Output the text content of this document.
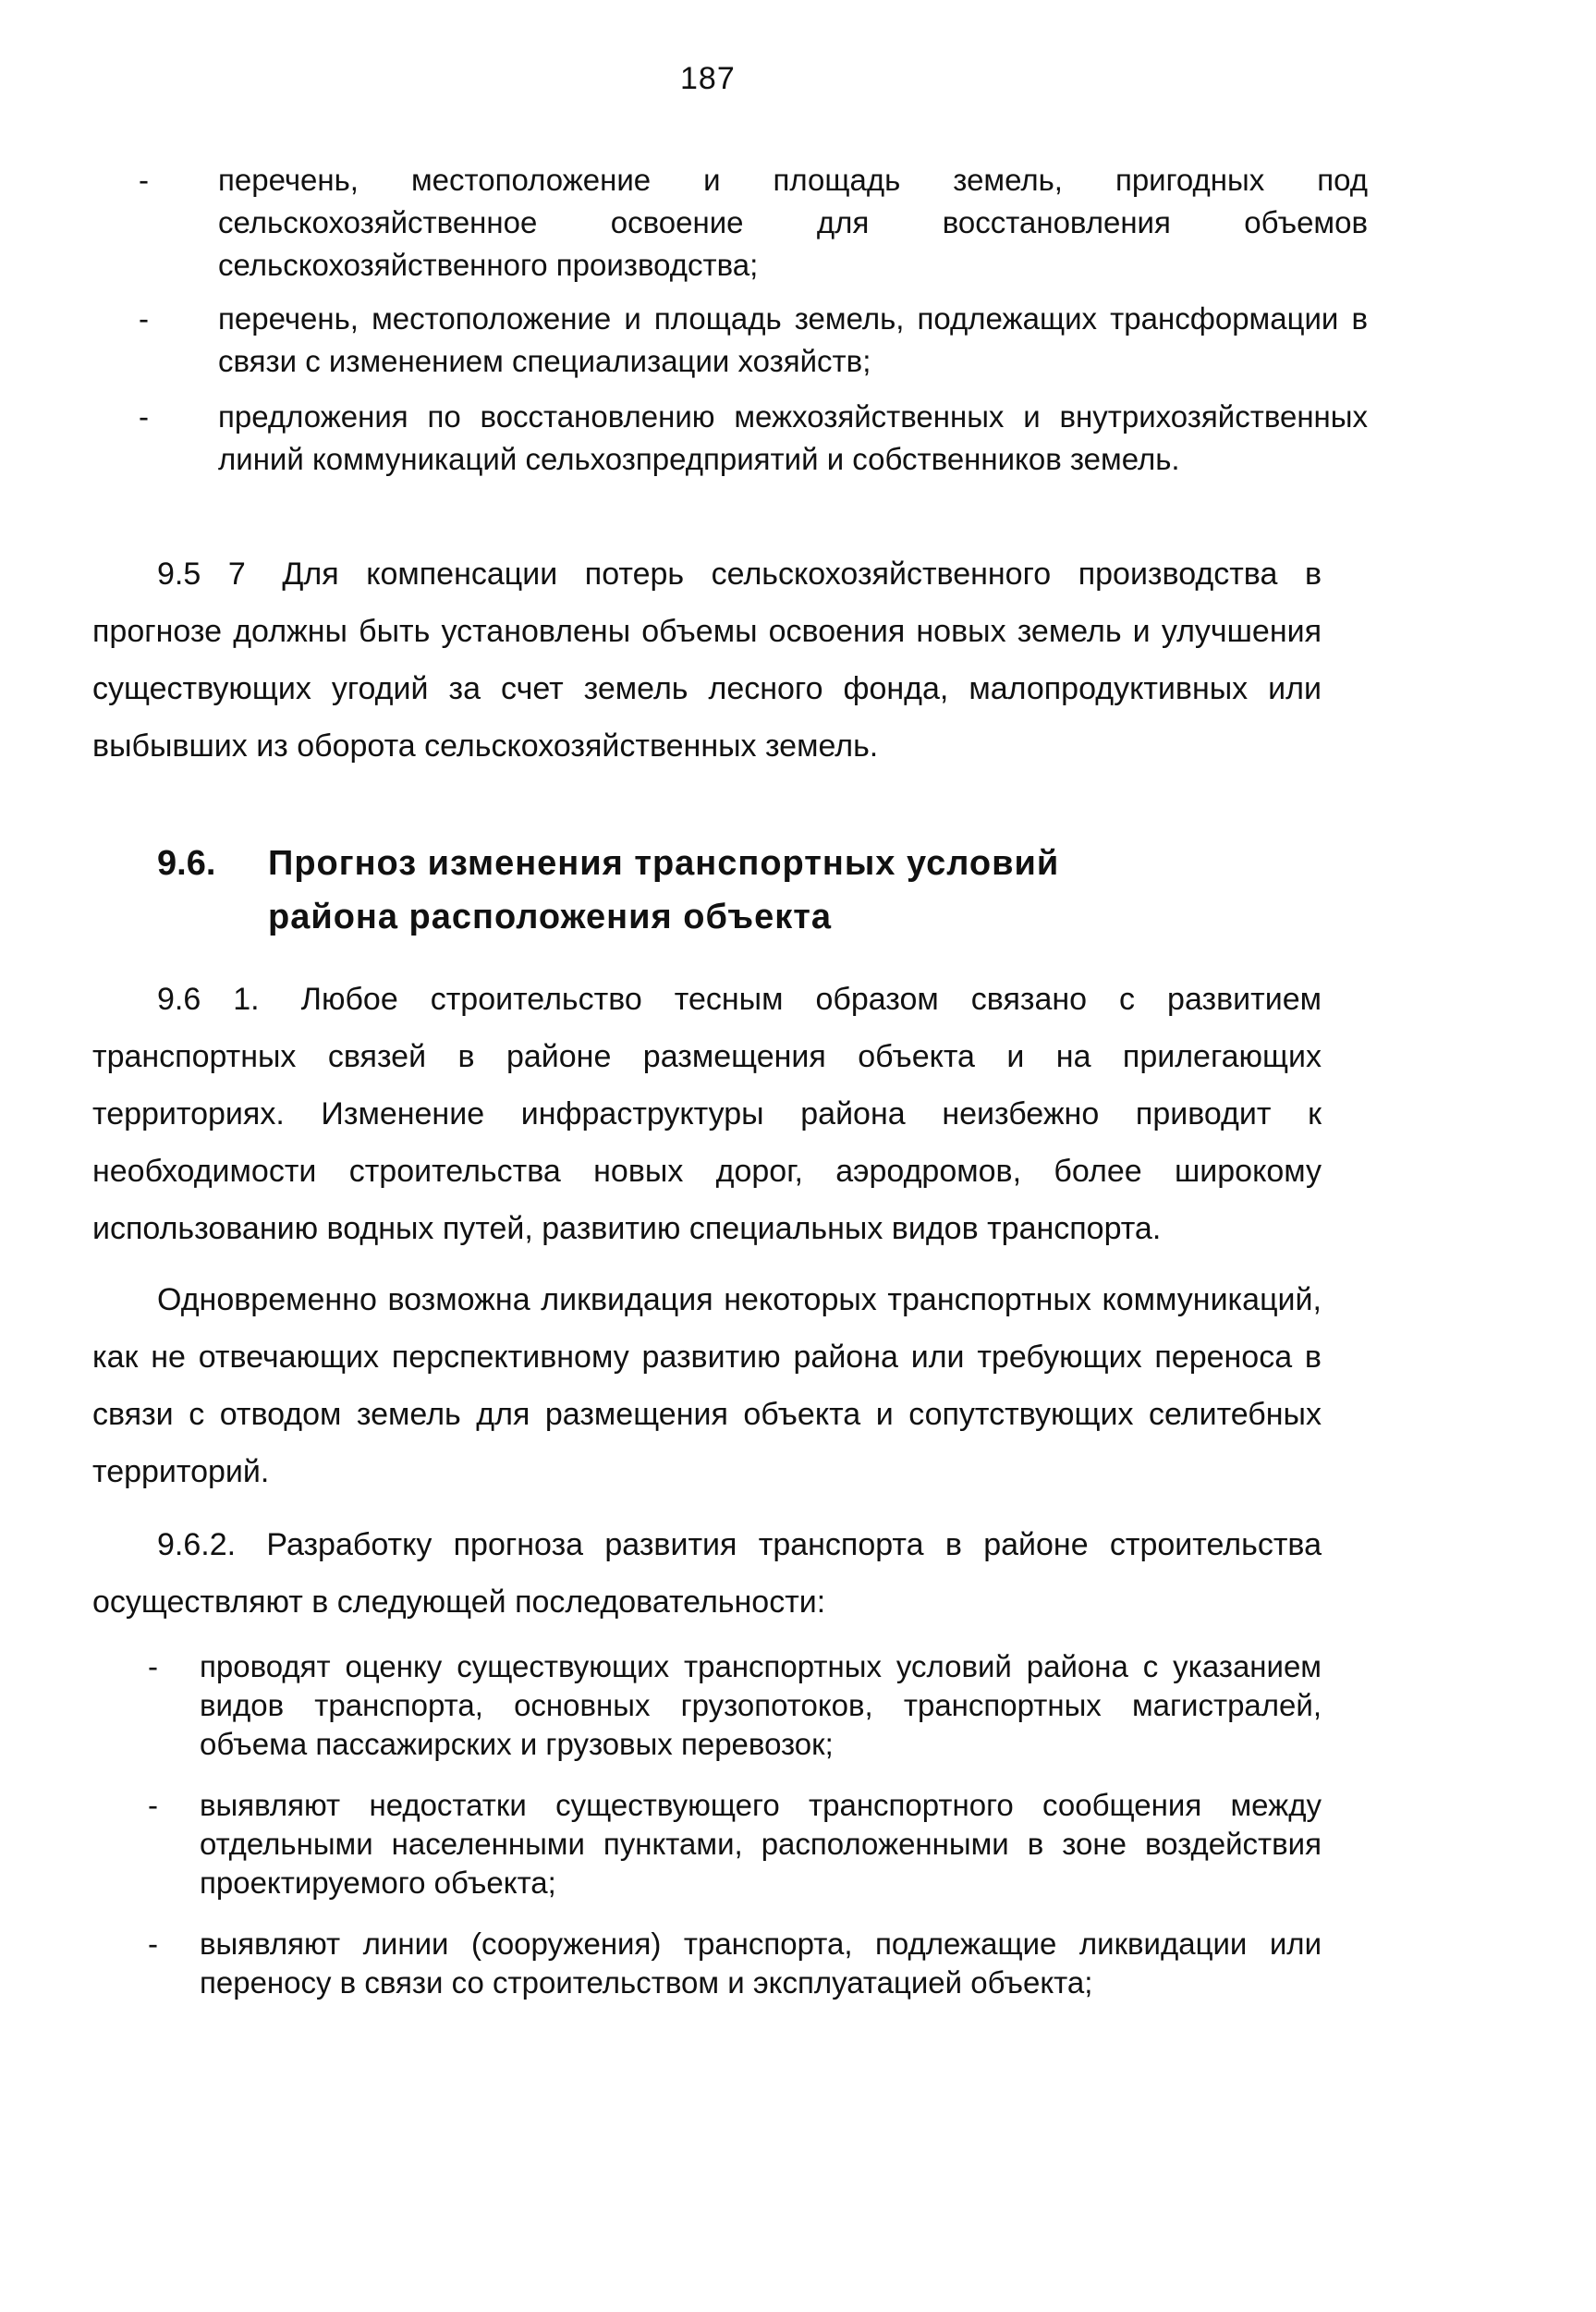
187
- перечень, местоположение и площадь земель, пригодных под сельскохозяйственное освоение для восстановления объемов сельскохозяйственного производства;
- перечень, местоположение и площадь земель, подлежащих трансформации в связи с изменением специализации хозяйств;
- предложения по восстановлению межхозяйственных и внутрихозяйственных линий коммуникаций сельхозпредприятий и собственников земель.
9.5 7 Для компенсации потерь сельскохозяйственного производства в прогнозе должны быть установлены объемы освоения новых земель и улучшения существующих угодий за счет земель лесного фонда, малопродуктивных или выбывших из оборота сельскохозяйственных земель.
9.6. Прогноз изменения транспортных условий
района расположения объекта
9.6 1. Любое строительство тесным образом связано с развитием транспортных связей в районе размещения объекта и на прилегающих территориях. Изменение инфраструктуры района неизбежно приводит к необходимости строительства новых дорог, аэродромов, более широкому использованию водных путей, развитию специальных видов транспорта.
Одновременно возможна ликвидация некоторых транспортных коммуникаций, как не отвечающих перспективному развитию района или требующих переноса в связи с отводом земель для размещения объекта и сопутствующих селитебных территорий.
9.6.2. Разработку прогноза развития транспорта в районе строительства осуществляют в следующей последовательности:
- проводят оценку существующих транспортных условий района с указанием видов транспорта, основных грузопотоков, транспортных магистралей, объема пассажирских и грузовых перевозок;
- выявляют недостатки существующего транспортного сообщения между отдельными населенными пунктами, расположенными в зоне воздействия проектируемого объекта;
- выявляют линии (сооружения) транспорта, подлежащие ликвидации или переносу в связи со строительством и эксплуатацией объекта;
